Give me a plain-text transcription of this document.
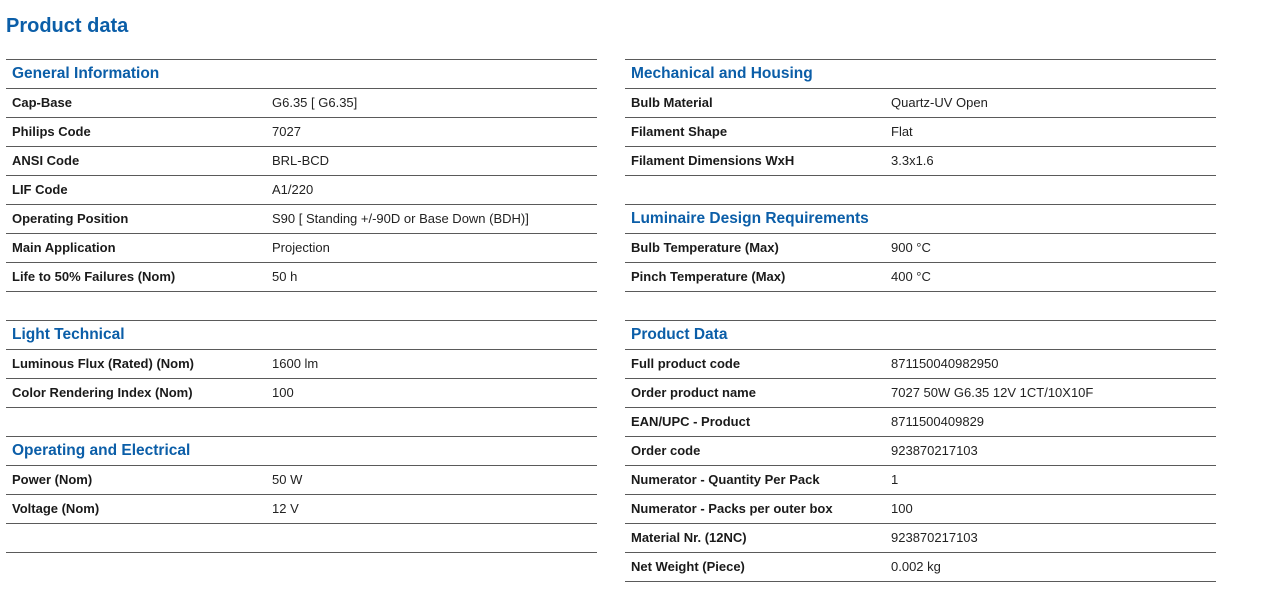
Product data
General Information
Cap-Base	G6.35 [ G6.35]
Philips Code	7027
ANSI Code	BRL-BCD
LIF Code	A1/220
Operating Position	S90 [ Standing +/-90D or Base Down (BDH)]
Main Application	Projection
Life to 50% Failures (Nom)	50 h
Light Technical
Luminous Flux (Rated) (Nom)	1600 lm
Color Rendering Index (Nom)	100
Operating and Electrical
Power (Nom)	50 W
Voltage (Nom)	12 V
Mechanical and Housing
Bulb Material	Quartz-UV Open
Filament Shape	Flat
Filament Dimensions WxH	3.3x1.6
Luminaire Design Requirements
Bulb Temperature (Max)	900 °C
Pinch Temperature (Max)	400 °C
Product Data
Full product code	871150040982950
Order product name	7027 50W G6.35 12V 1CT/10X10F
EAN/UPC - Product	8711500409829
Order code	923870217103
Numerator - Quantity Per Pack	1
Numerator - Packs per outer box	100
Material Nr. (12NC)	923870217103
Net Weight (Piece)	0.002 kg
